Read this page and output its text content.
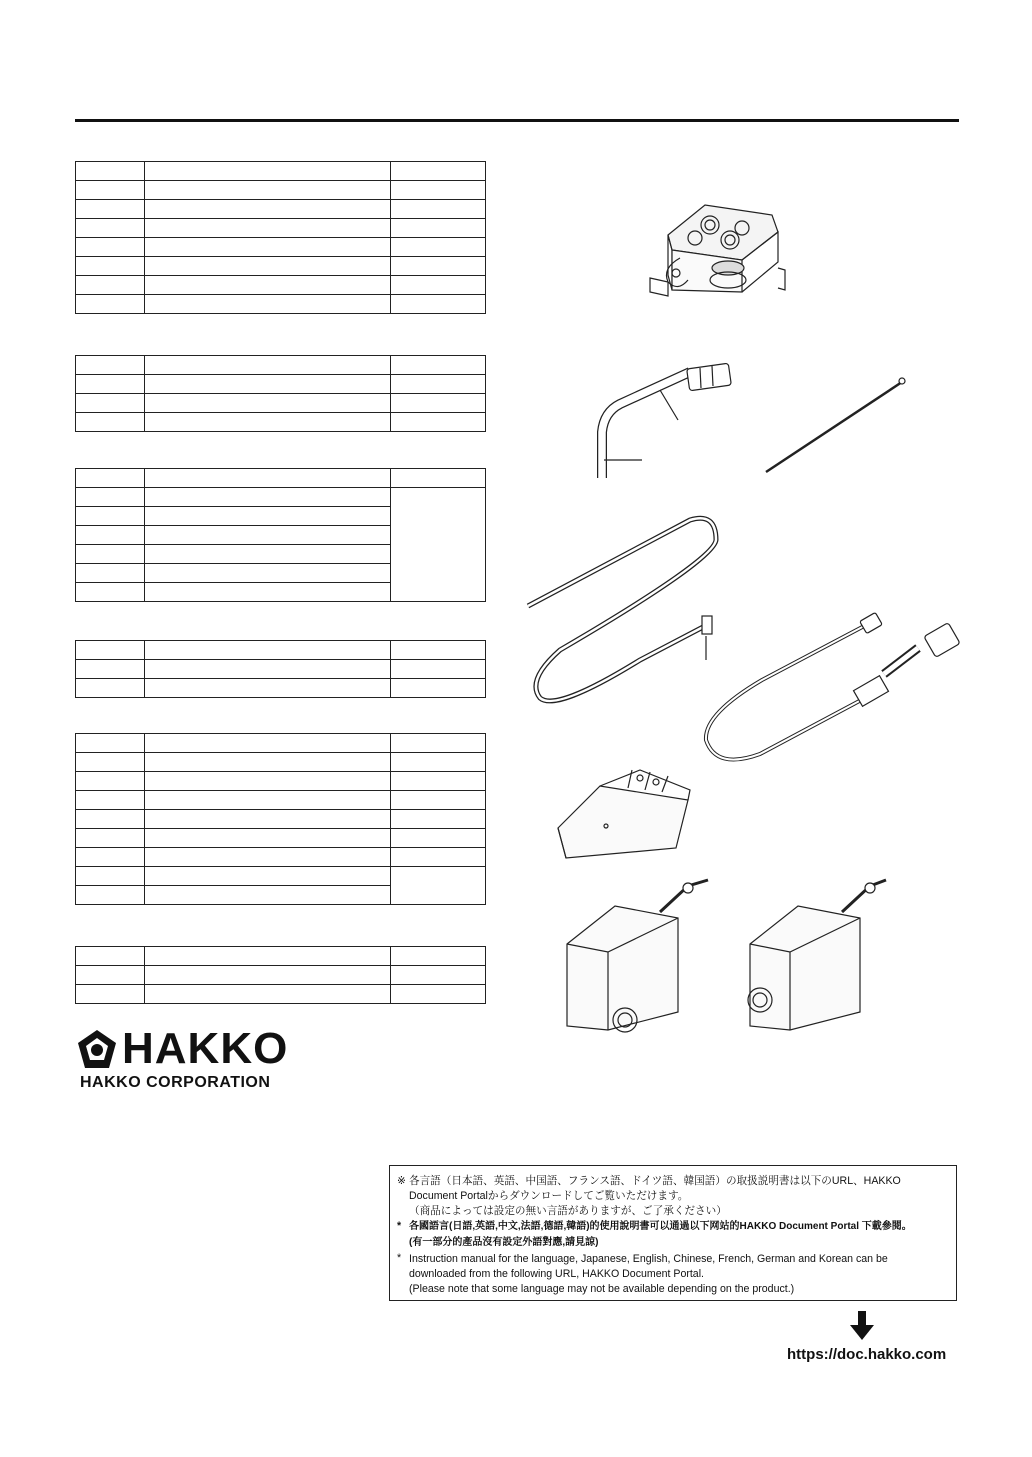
HAKKO
HAKKO CORPORATION
※ 各言語（日本語、英語、中国語、フランス語、ドイツ語、韓国語）の取扱説明書は以下のURL、HAKKO
Document Portalからダウンロードしてご覧いただけます。
（商品によっては設定の無い言語がありますが、ご了承ください）
* 各國語言(日語,英語,中文,法語,德語,韓語)的使用說明書可以通過以下网站的HAKKO Document Portal 下載參閱。
(有一部分的產品沒有設定外語對應,請見諒)
* Instruction manual for the language, Japanese, English, Chinese, French, German and Korean can be
downloaded from the following URL, HAKKO Document Portal.
(Please note that some language may not be available depending on the product.)
https://doc.hakko.com
